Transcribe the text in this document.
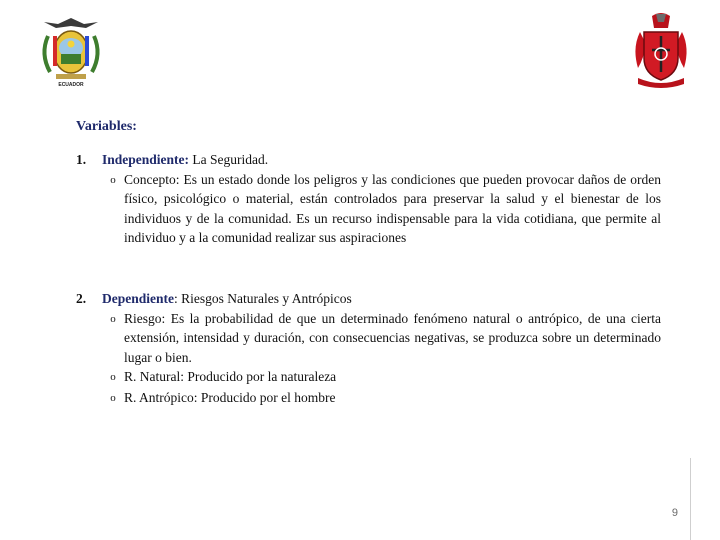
ECUADOR
Variables:
1.	Independiente: La Seguridad.
o Concepto: Es un estado donde los peligros y las condiciones que pueden provocar daños de orden físico, psicológico o material, están controlados para preservar la salud y el bienestar de los individuos y de la comunidad. Es un recurso indispensable para la vida cotidiana, que permite al individuo y a la comunidad realizar sus aspiraciones
2.	Dependiente: Riesgos Naturales y Antrópicos
o Riesgo: Es la probabilidad de que un determinado fenómeno natural o antrópico, de una cierta extensión, intensidad y duración, con consecuencias negativas, se produzca sobre un determinado lugar o bien.
o R. Natural: Producido por la naturaleza
o R. Antrópico: Producido por el hombre
9
